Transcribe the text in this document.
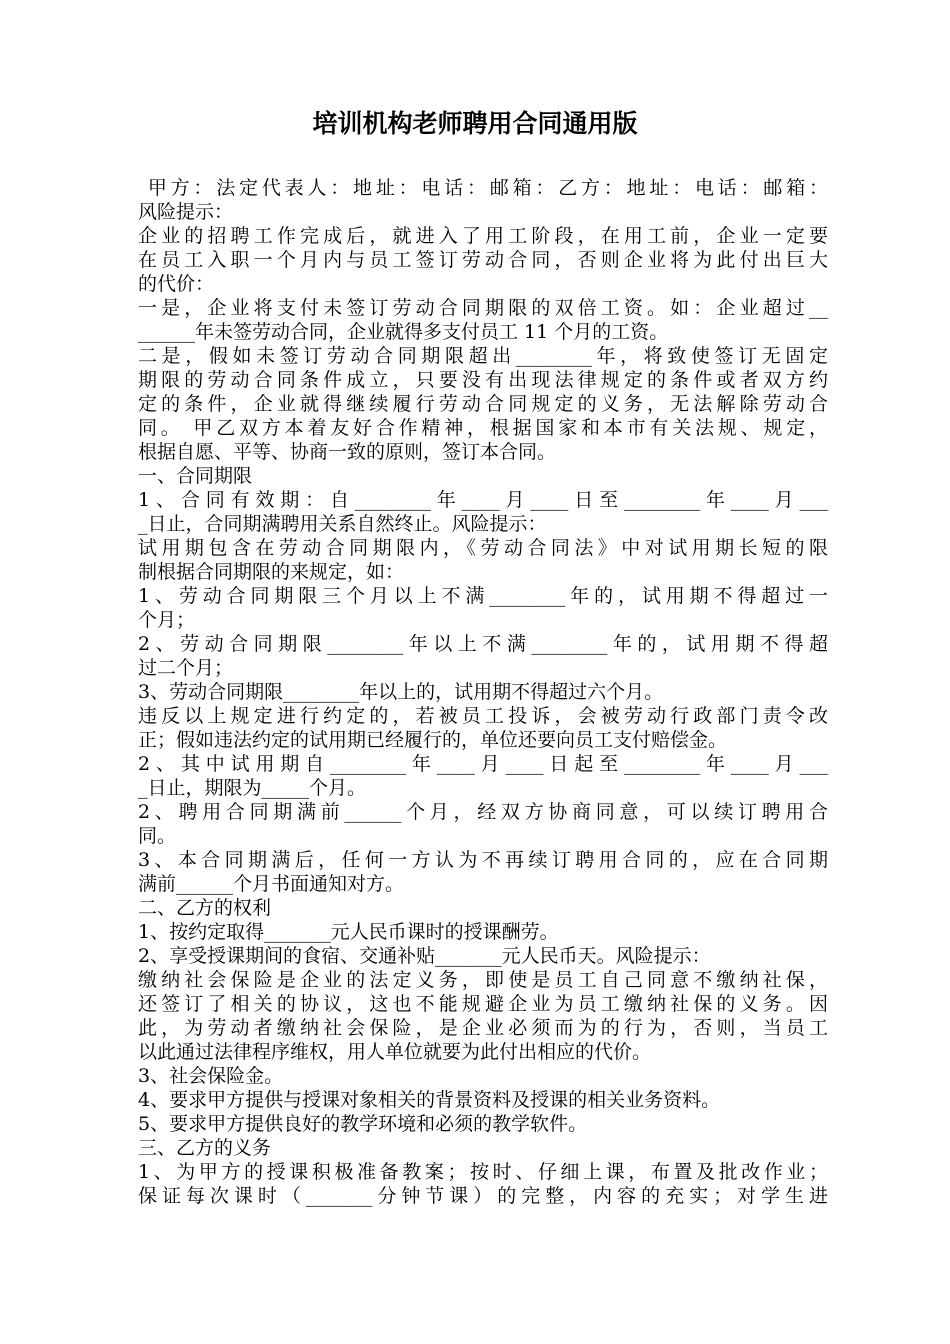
培训机构老师聘用合同通用版
甲方：法定代表人：地址：电话：邮箱：乙方：地址：电话：邮箱：
风险提示：
企业的招聘工作完成后，就进入了用工阶段，在用工前，企业一定要
在员工入职一个月内与员工签订劳动合同，否则企业将为此付出巨大
的代价：
一是，企业将支付未签订劳动合同期限的双倍工资。如：企业超过__
______年未签劳动合同，企业就得多支付员工 11 个月的工资。
二是，假如未签订劳动合同期限超出________年，将致使签订无固定
期限的劳动合同条件成立，只要没有出现法律规定的条件或者双方约
定的条件，企业就得继续履行劳动合同规定的义务，无法解除劳动合
同。 甲乙双方本着友好合作精神，根据国家和本市有关法规、规定，
根据自愿、平等、协商一致的原则，签订本合同。
一、合同期限
1、合同有效期：自________年____月____日至________年____月___
_日止，合同期满聘用关系自然终止。风险提示：
试用期包含在劳动合同期限内，《劳动合同法》中对试用期长短的限
制根据合同期限的来规定，如：
1、劳动合同期限三个月以上不满________年的，试用期不得超过一
个月；
2、劳动合同期限________年以上不满________年的，试用期不得超
过二个月；
3、劳动合同期限________年以上的，试用期不得超过六个月。
违反以上规定进行约定的，若被员工投诉，会被劳动行政部门责令改
正；假如违法约定的试用期已经履行的，单位还要向员工支付赔偿金。
2、其中试用期自________年____月____日起至________年____月___
_日止，期限为_____个月。
2、聘用合同期满前______个月，经双方协商同意，可以续订聘用合
同。
3、本合同期满后，任何一方认为不再续订聘用合同的，应在合同期
满前______个月书面通知对方。
二、乙方的权利
1、按约定取得_______元人民币课时的授课酬劳。
2、享受授课期间的食宿、交通补贴_______元人民币天。风险提示：
缴纳社会保险是企业的法定义务，即使是员工自己同意不缴纳社保，
还签订了相关的协议，这也不能规避企业为员工缴纳社保的义务。因
此，为劳动者缴纳社会保险，是企业必须而为的行为，否则，当员工
以此通过法律程序维权，用人单位就要为此付出相应的代价。
3、社会保险金。
4、要求甲方提供与授课对象相关的背景资料及授课的相关业务资料。
5、要求甲方提供良好的教学环境和必须的教学软件。
三、乙方的义务
1、为甲方的授课积极准备教案；按时、仔细上课，布置及批改作业；
保证每次课时（_______分钟节课）的完整，内容的充实；对学生进
